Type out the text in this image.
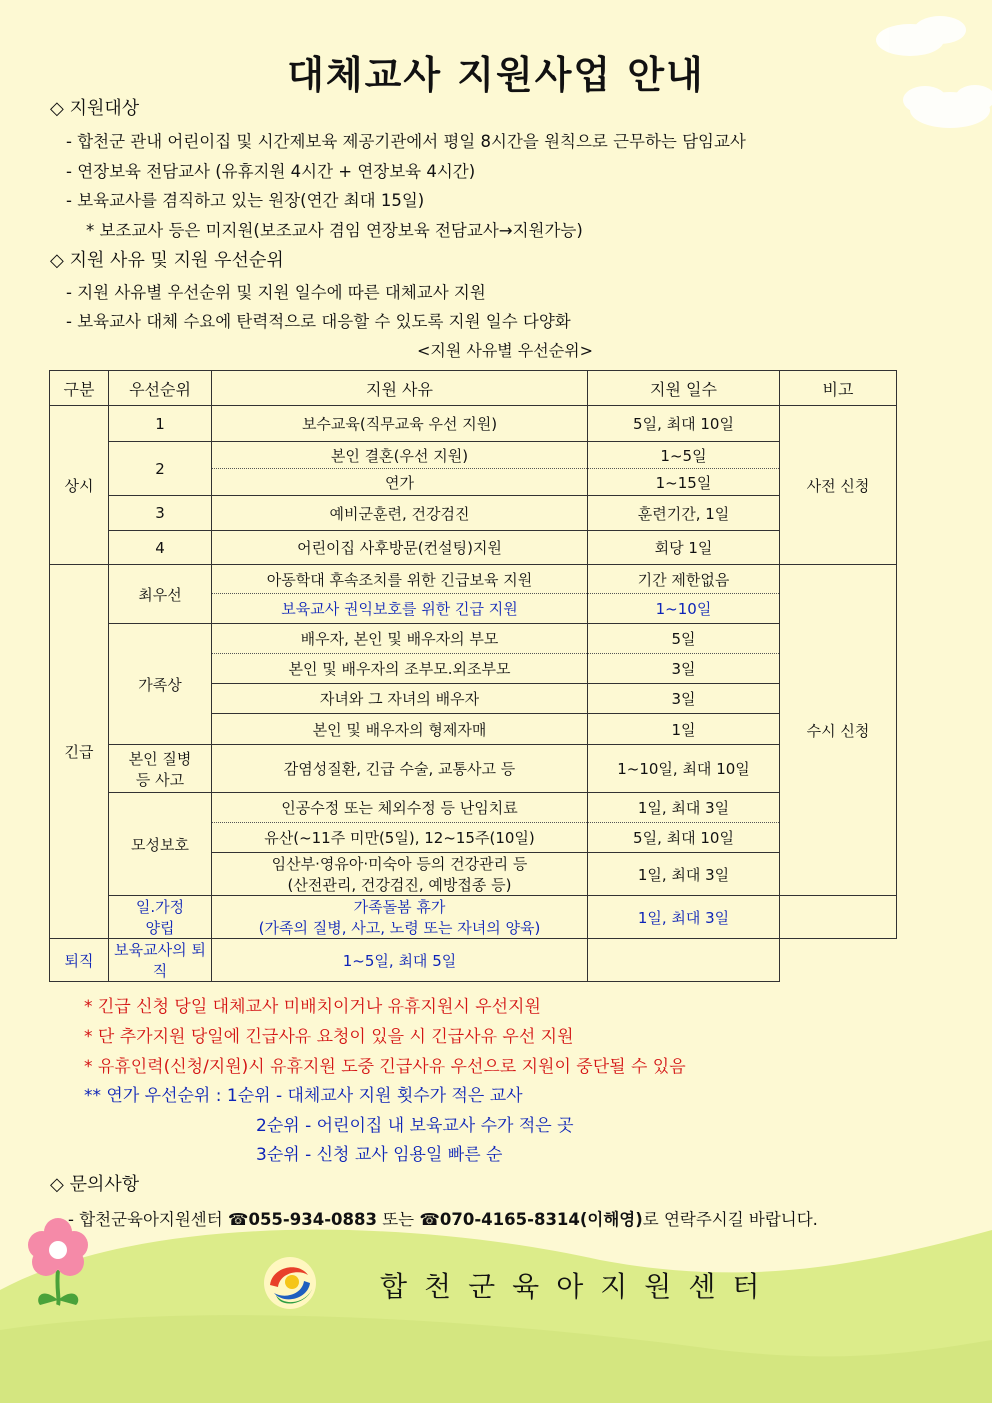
대체교사 지원사업 안내
◇ 지원대상
- 합천군 관내 어린이집 및 시간제보육 제공기관에서 평일 8시간을 원칙으로 근무하는 담임교사
- 연장보육 전담교사 (유휴지원 4시간 + 연장보육 4시간)
- 보육교사를 겸직하고 있는 원장(연간 최대 15일)
* 보조교사 등은 미지원(보조교사 겸임 연장보육 전담교사→지원가능)
◇ 지원 사유 및 지원 우선순위
- 지원 사유별 우선순위 및 지원 일수에 따른 대체교사 지원
- 보육교사 대체 수요에 탄력적으로 대응할 수 있도록 지원 일수 다양화
<지원 사유별 우선순위>
구분	우선순위	지원 사유	지원 일수	비고
상시	1	보수교육(직무교육 우선 지원)	5일, 최대 10일	사전 신청
	2	본인 결혼(우선 지원)	1~5일	
		연가	1~15일	
	3	예비군훈련, 건강검진	훈련기간, 1일	
	4	어린이집 사후방문(컨설팅)지원	회당 1일	

긴급	최우선	아동학대 후속조치를 위한 긴급보육 지원	기간 제한없음	수시 신청
		보육교사 권익보호를 위한 긴급 지원	1~10일	
	가족상	배우자, 본인 및 배우자의 부모	5일	
		본인 및 배우자의 조부모.외조부모	3일	
		자녀와 그 자녀의 배우자	3일	
		본인 및 배우자의 형제자매	1일	
	본인 질병
등 사고	감염성질환, 긴급 수술, 교통사고 등	1~10일, 최대 10일	
	모성보호	인공수정 또는 체외수정 등 난임치료	1일, 최대 3일	
		유산(~11주 미만(5일), 12~15주(10일)	5일, 최대 10일	
		임산부·영유아·미숙아 등의 건강관리 등
(산전관리, 건강검진, 예방접종 등)	1일, 최대 3일	
	일.가정
양립	가족돌봄 휴가
(가족의 질병, 사고, 노령 또는 자녀의 양육)	1일, 최대 3일	
퇴직	보육교사의 퇴직	1~5일, 최대 5일		
* 긴급 신청 당일 대체교사 미배치이거나 유휴지원시 우선지원
* 단 추가지원 당일에 긴급사유 요청이 있을 시 긴급사유 우선 지원
* 유휴인력(신청/지원)시 유휴지원 도중 긴급사유 우선으로 지원이 중단될 수 있음
** 연가 우선순위 : 1순위 - 대체교사 지원 횟수가 적은 교사
2순위 - 어린이집 내 보육교사 수가 적은 곳
3순위 - 신청 교사 임용일 빠른 순
◇ 문의사항
- 합천군육아지원센터 ☎055-934-0883 또는 ☎070-4165-8314(이해영)로 연락주시길 바랍니다.
합천군육아지원센터
